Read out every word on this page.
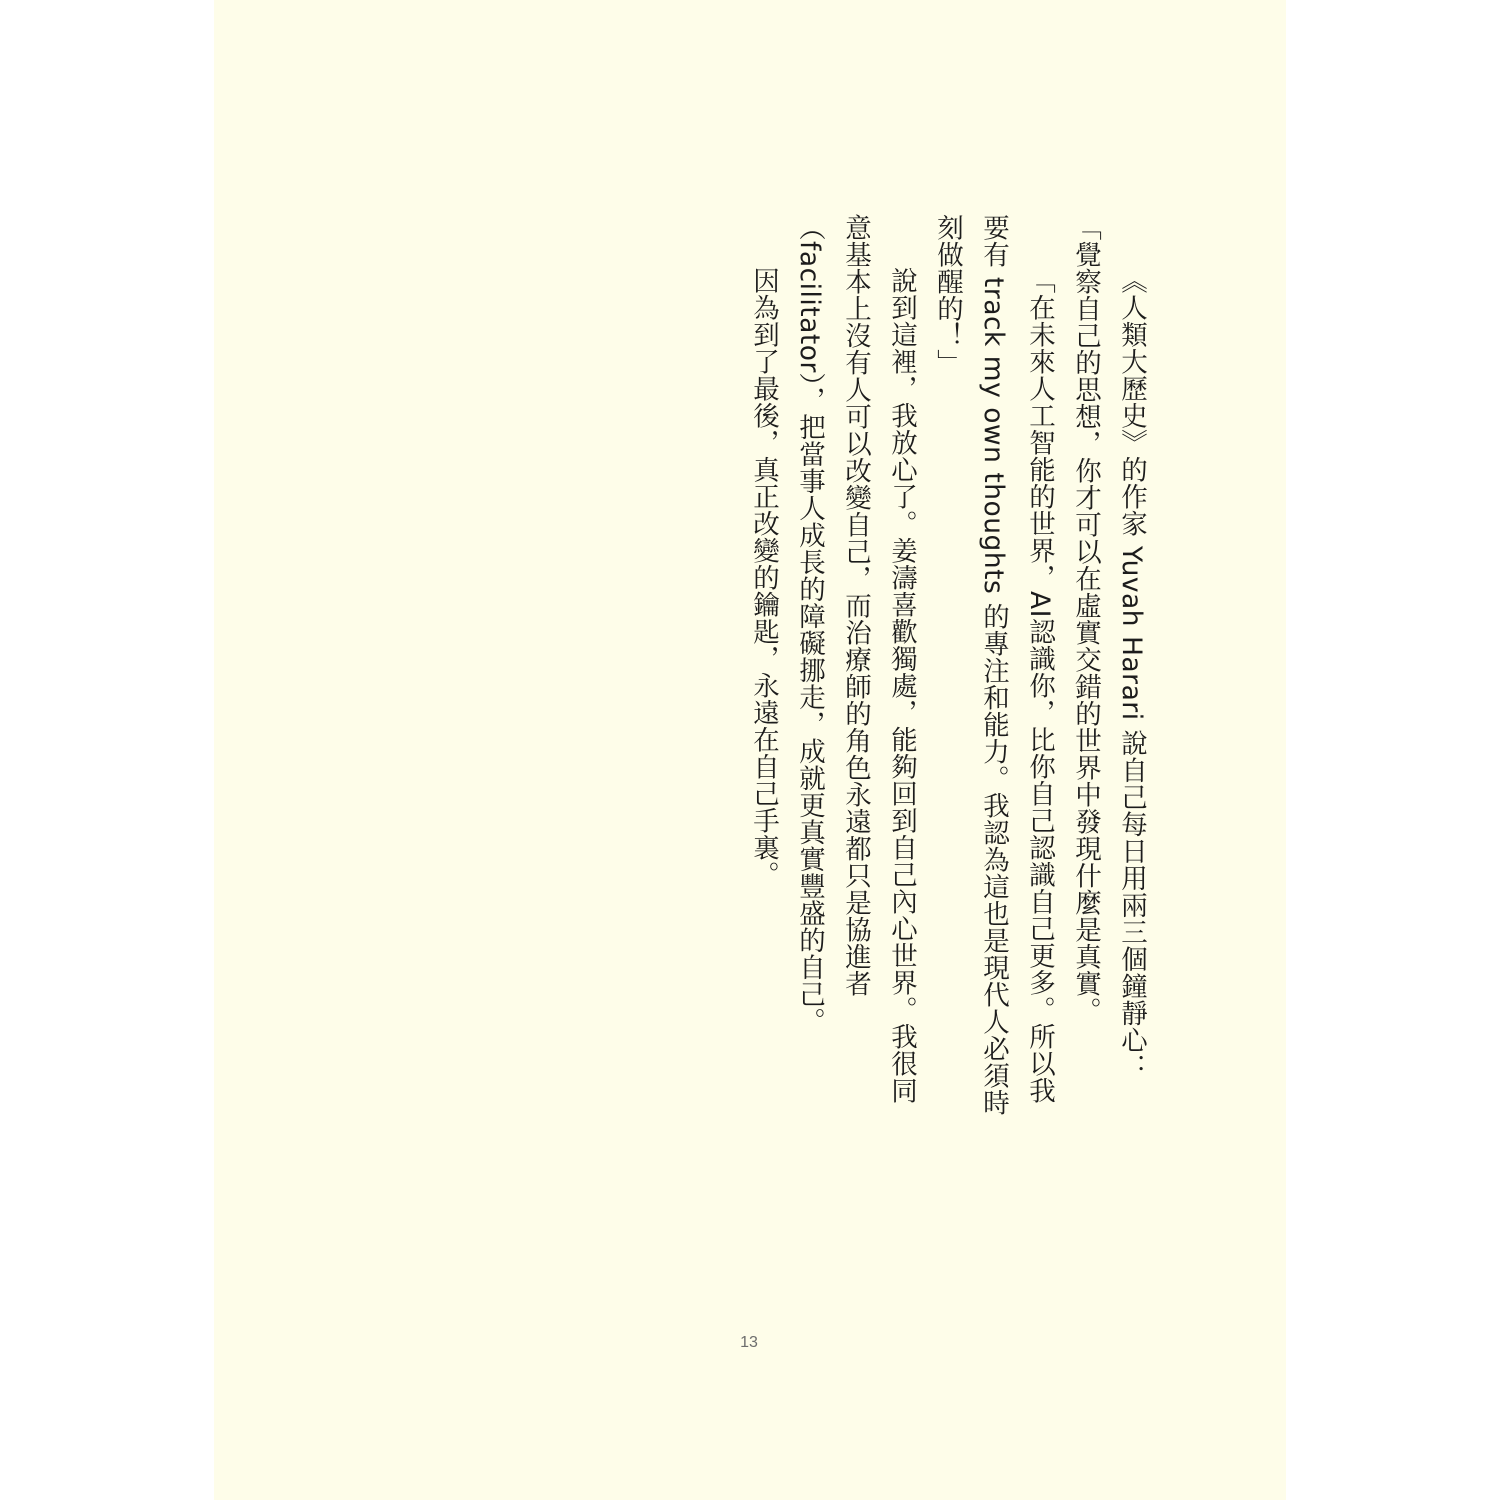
《人類大歷史》的作家 Yuvah Harari 說自己每日用兩三個鐘靜心：「覺察自己的思想，你才可以在虛實交錯的世界中發現什麼是真實。

「在未來人工智能的世界，AI認識你，比你自己認識自己更多。所以我要有 track my own thoughts 的專注和能力。我認為這也是現代人必須時刻做醒的！」

說到這裡，我放心了。姜濤喜歡獨處，能夠回到自己內心世界。我很同意基本上沒有人可以改變自己，而治療師的角色永遠都只是協進者（facilitator），把當事人成長的障礙挪走，成就更真實豐盛的自己。

因為到了最後，真正改變的鑰匙，永遠在自己手裏。

13
